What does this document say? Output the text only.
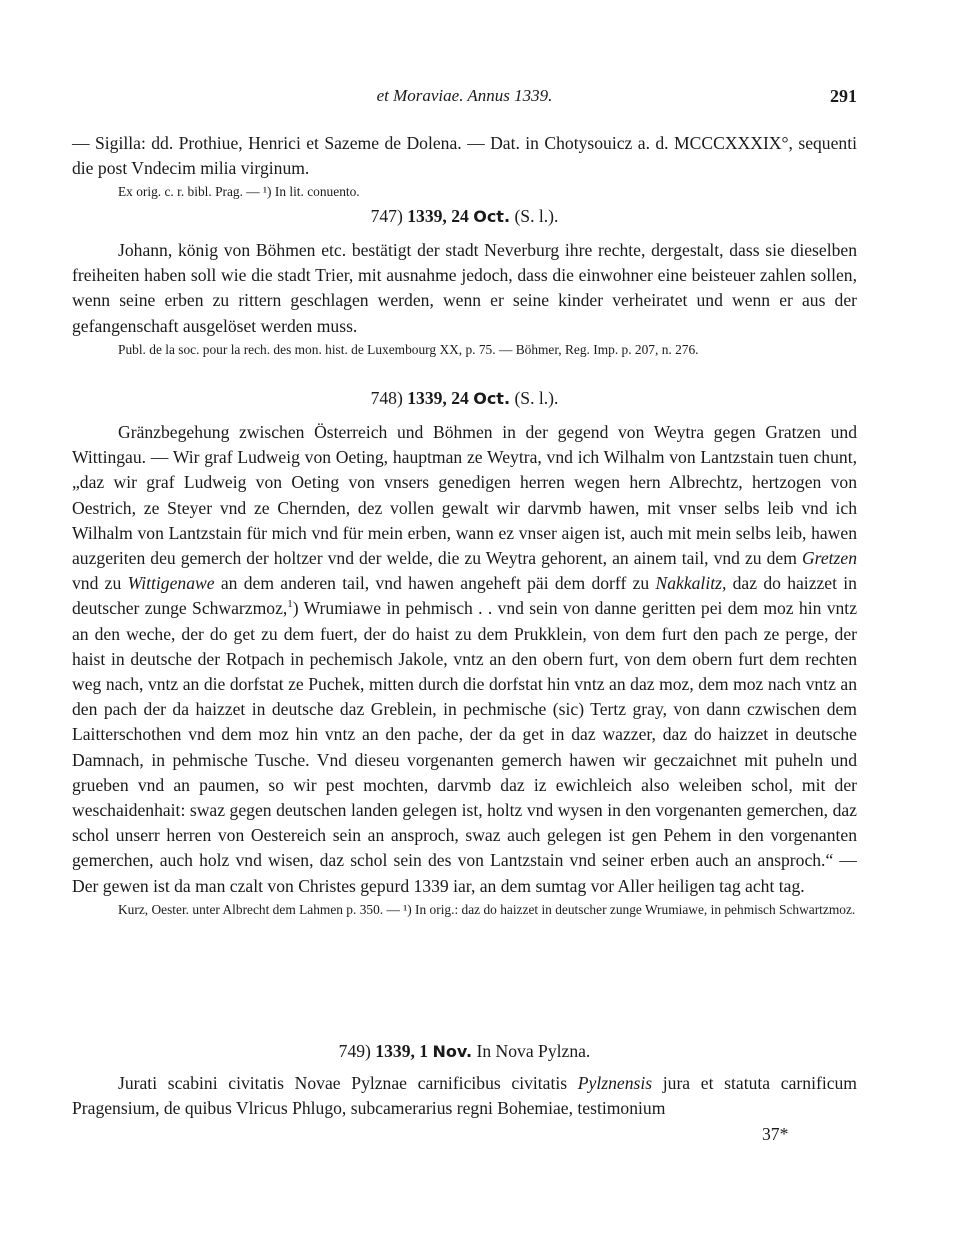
et Moraviae. Annus 1339.	291

— Sigilla: dd. Prothiue, Henrici et Sazeme de Dolena. — Dat. in Chotysouicz a. d. MCCCXXXIX°, sequenti die post Vndecim milia virginum.

Ex orig. c. r. bibl. Prag. — ¹) In lit. conuento.

747) 1339, 24 Oct. (S. l.).

Johann, könig von Böhmen etc. bestätigt der stadt Neverburg ihre rechte, dergestalt, dass sie dieselben freiheiten haben soll wie die stadt Trier, mit ausnahme jedoch, dass die einwohner eine beisteuer zahlen sollen, wenn seine erben zu rittern geschlagen werden, wenn er seine kinder verheiratet und wenn er aus der gefangenschaft ausgelöset werden muss.

Publ. de la soc. pour la rech. des mon. hist. de Luxembourg XX, p. 75. — Böhmer, Reg. Imp. p. 207, n. 276.

748) 1339, 24 Oct. (S. l.).

Gränzbegehung zwischen Österreich und Böhmen in der gegend von Weytra gegen Gratzen und Wittingau. — Wir graf Ludweig von Oeting, hauptman ze Weytra, vnd ich Wilhalm von Lantzstain tuen chunt, „daz wir graf Ludweig von Oeting von vnsers genedigen herren wegen hern Albrechtz, hertzogen von Oestrich, ze Steyer vnd ze Chernden, dez vollen gewalt wir darvmb hawen, mit vnser selbs leib vnd ich Wilhalm von Lantzstain für mich vnd für mein erben, wann ez vnser aigen ist, auch mit mein selbs leib, hawen auzgeriten deu gemerch der holtzer vnd der welde, die zu Weytra gehorent, an ainem tail, vnd zu dem Gretzen vnd zu Wittigenawe an dem anderen tail, vnd hawen angeheft päi dem dorff zu Nakkalitz, daz do haizzet in deutscher zunge Schwarzmoz,$^1$) Wrumiawe in pehmisch . . vnd sein von danne geritten pei dem moz hin vntz an den weche, der do get zu dem fuert, der do haist zu dem Prukklein, von dem furt den pach ze perge, der haist in deutsche der Rotpach in pechemisch Jakole, vntz an den obern furt, von dem obern furt dem rechten weg nach, vntz an die dorfstat ze Puchek, mitten durch die dorfstat hin vntz an daz moz, dem moz nach vntz an den pach der da haizzet in deutsche daz Greblein, in pechmische (sic) Tertz gray, von dann czwischen dem Laitterschothen vnd dem moz hin vntz an den pache, der da get in daz wazzer, daz do haizzet in deutsche Damnach, in pehmische Tusche. Vnd dieseu vorgenanten gemerch hawen wir geczaichnet mit puheln und grueben vnd an paumen, so wir pest mochten, darvmb daz iz ewichleich also weleiben schol, mit der weschaidenhait: swaz gegen deutschen landen gelegen ist, holtz vnd wysen in den vorgenanten gemerchen, daz schol unserr herren von Oestereich sein an ansproch, swaz auch gelegen ist gen Pehem in den vorgenanten gemerchen, auch holz vnd wisen, daz schol sein des von Lantzstain vnd seiner erben auch an ansproch.“ — Der gewen ist da man czalt von Christes gepurd 1339 iar, an dem sumtag vor Aller heiligen tag acht tag.

Kurz, Oester. unter Albrecht dem Lahmen p. 350. — ¹) In orig.: daz do haizzet in deutscher zunge Wrumiawe, in pehmisch Schwartzmoz.

749) 1339, 1 Nov. In Nova Pylzna.

Jurati scabini civitatis Novae Pylznae carnificibus civitatis Pylznensis jura et statuta carnificum Pragensium, de quibus Vlricus Phlugo, subcamerarius regni Bohemiae, testimonium

37*
